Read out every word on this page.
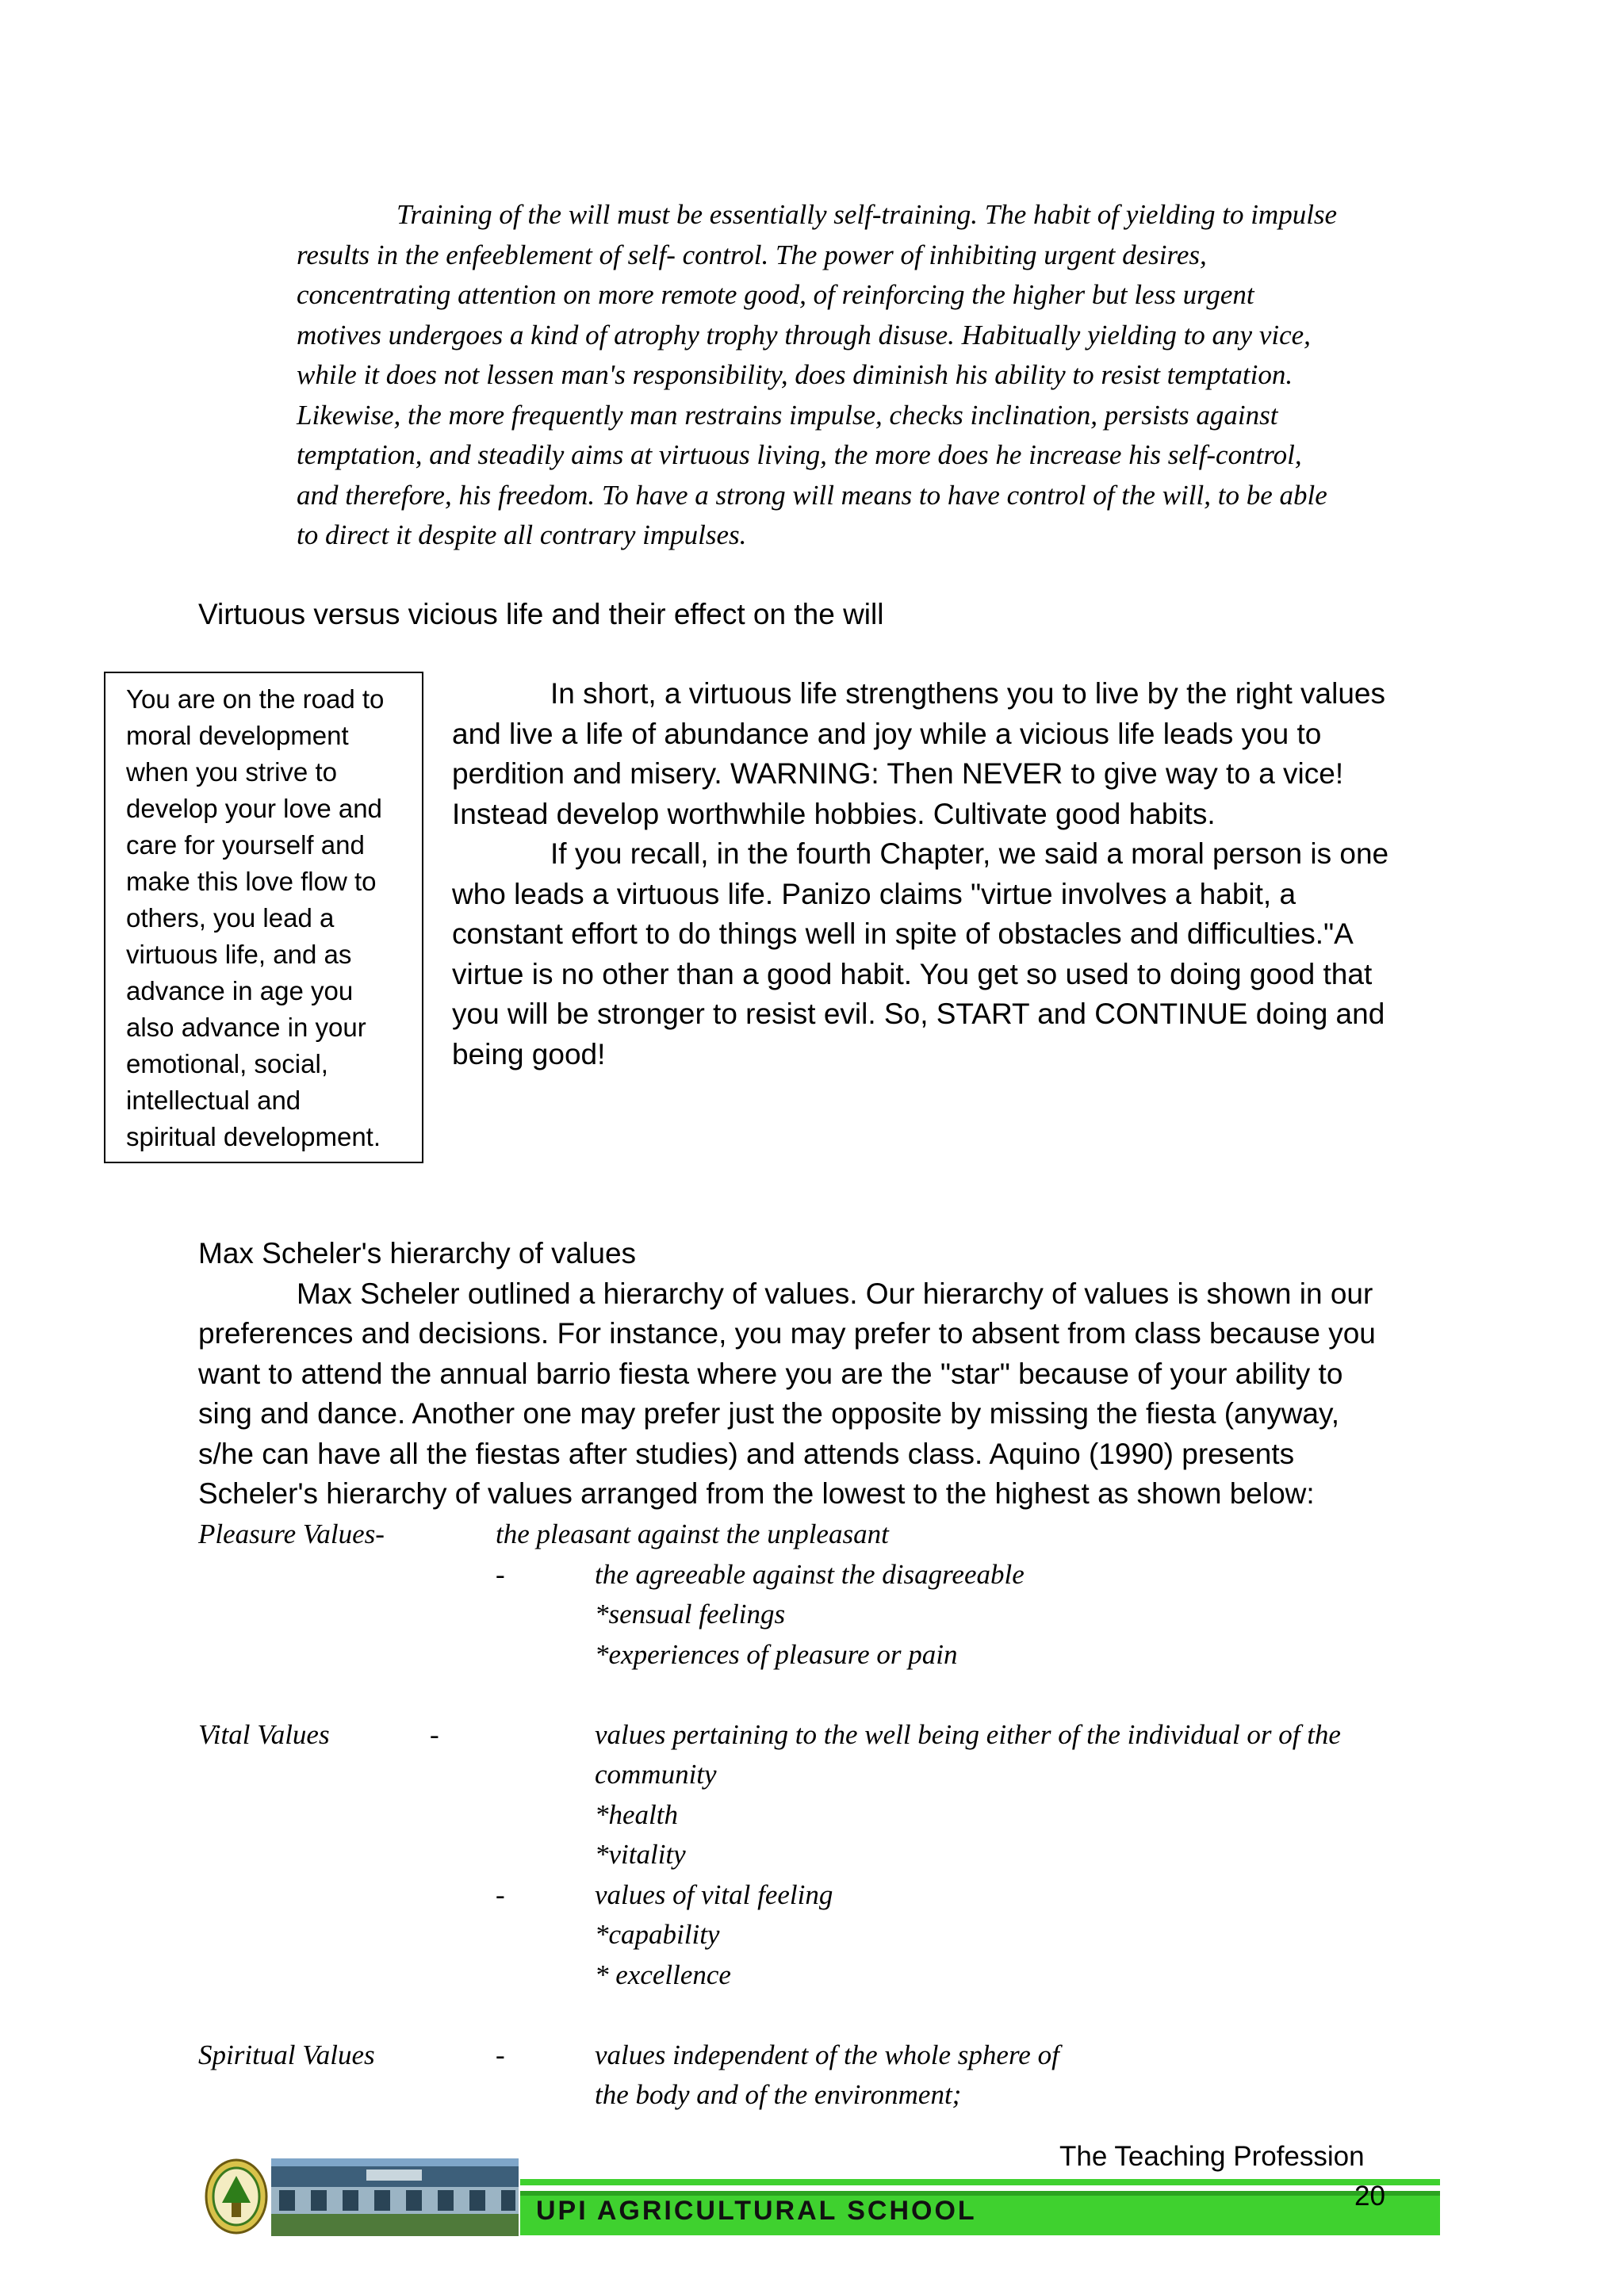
Training of the will must be essentially self-training. The habit of yielding to impulse
results in the enfeeblement of self- control. The power of inhibiting urgent desires,
concentrating attention on more remote good, of reinforcing the higher but less urgent
motives undergoes a kind of atrophy trophy through disuse. Habitually yielding to any vice,
while it does not lessen man's responsibility, does diminish his ability to resist temptation.
Likewise, the more frequently man restrains impulse, checks inclination, persists against
temptation, and steadily aims at virtuous living, the more does he increase his self-control,
and therefore, his freedom. To have a strong will means to have control of the will, to be able
to direct it despite all contrary impulses.
Virtuous versus vicious life and their effect on the will
You are on the road to
moral development
when you strive to
develop your love and
care for yourself and
make this love flow to
others, you lead a
virtuous life, and as
advance in age you
also advance in your
emotional, social,
intellectual and
spiritual development.
In short, a virtuous life strengthens you to live by the right values
and live a life of abundance and joy while a vicious life leads you to
perdition and misery. WARNING: Then NEVER to give way to a vice!
Instead develop worthwhile hobbies. Cultivate good habits.
If you recall, in the fourth Chapter, we said a moral person is one
who leads a virtuous life. Panizo claims "virtue involves a habit, a
constant effort to do things well in spite of obstacles and difficulties."A
virtue is no other than a good habit. You get so used to doing good that
you will be stronger to resist evil. So, START and CONTINUE doing and
being good!
Max Scheler's hierarchy of values
Max Scheler outlined a hierarchy of values. Our hierarchy of values is shown in our
preferences and decisions. For instance, you may prefer to absent from class because you
want to attend the annual barrio fiesta where you are the "star" because of your ability to
sing and dance. Another one may prefer just the opposite by missing the fiesta (anyway,
s/he can have all the fiestas after studies) and attends class. Aquino (1990) presents
Scheler's hierarchy of values arranged from the lowest to the highest as shown below:
Pleasure Values-	the pleasant against the unpleasant
-	the agreeable against the disagreeable
*sensual feelings
*experiences of pleasure or pain
Vital Values	-	values pertaining to the well being either of the individual or of the
community
*health
*vitality
-	values of vital feeling
*capability
* excellence
Spiritual Values	-	values independent of the whole sphere of
the body and of the environment;
UPI AGRICULTURAL SCHOOL
The Teaching Profession
20
